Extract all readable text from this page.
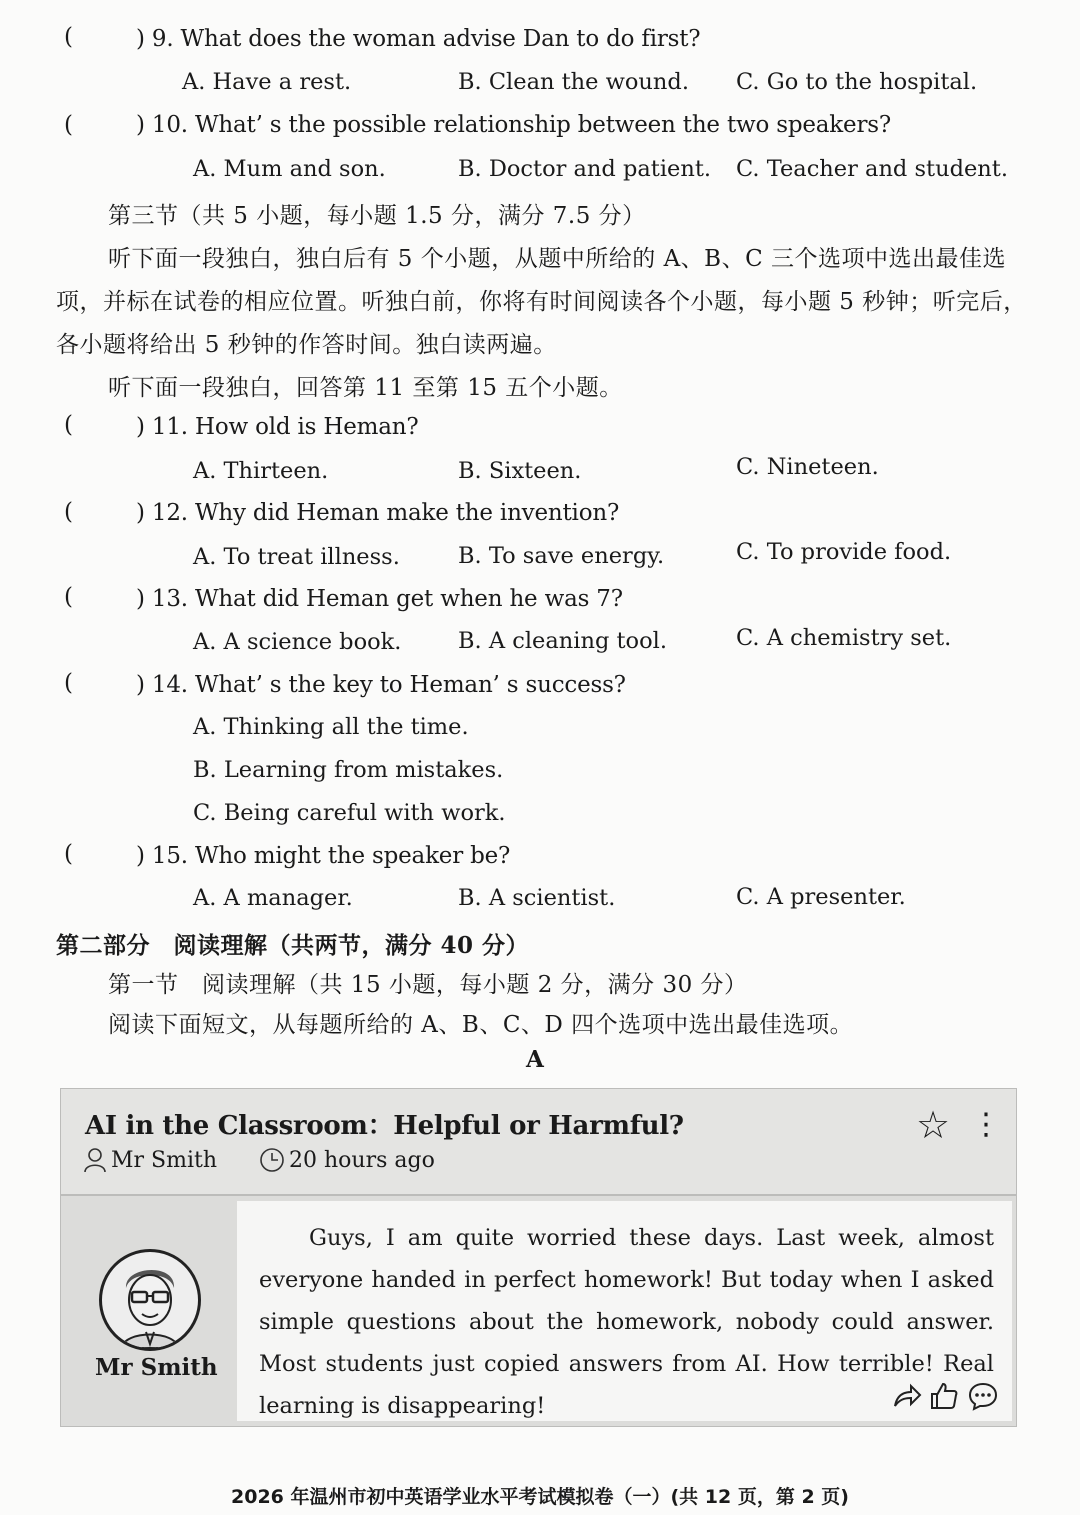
(	) 9. What does the woman advise Dan to do first?
A. Have a rest.	B. Clean the wound. C. Go to the hospital.
(	) 10. What’ s the possible relationship between the two speakers?
A. Mum and son.	B. Doctor and patient. C. Teacher and student.
第三节（共 5 小题，每小题 1.5 分，满分 7.5 分）
听下面一段独白，独白后有 5 个小题，从题中所给的 A、B、C 三个选项中选出最佳选
项，并标在试卷的相应位置。听独白前，你将有时间阅读各个小题，每小题 5 秒钟；听完后，
各小题将给出 5 秒钟的作答时间。独白读两遍。
听下面一段独白，回答第 11 至第 15 五个小题。
(	) 11. How old is Heman?
A. Thirteen.	B. Sixteen.	C. Nineteen.
(	) 12. Why did Heman make the invention?
A. To treat illness.	B. To save energy.	C. To provide food.
(	) 13. What did Heman get when he was 7?
A. A science book.	B. A cleaning tool.	C. A chemistry set.
(	) 14. What’ s the key to Heman’ s success?
A. Thinking all the time.
B. Learning from mistakes.
C. Being careful with work.
(	) 15. Who might the speaker be?
A. A manager.	B. A scientist.	C. A presenter.
第二部分　阅读理解（共两节，满分 40 分）
第一节　阅读理解（共 15 小题，每小题 2 分，满分 30 分）
阅读下面短文，从每题所给的 A、B、C、D 四个选项中选出最佳选项。
A
AI in the Classroom：Helpful or Harmful?
Mr Smith	20 hours ago
☆ ⋮
Mr Smith
Guys, I am quite worried these days. Last week, almost everyone handed in perfect homework! But today when I asked simple questions about the homework, nobody could answer. Most students just copied answers from AI. How terrible! Real learning is disappearing!
2026 年温州市初中英语学业水平考试模拟卷（一）(共 12 页，第 2 页)
